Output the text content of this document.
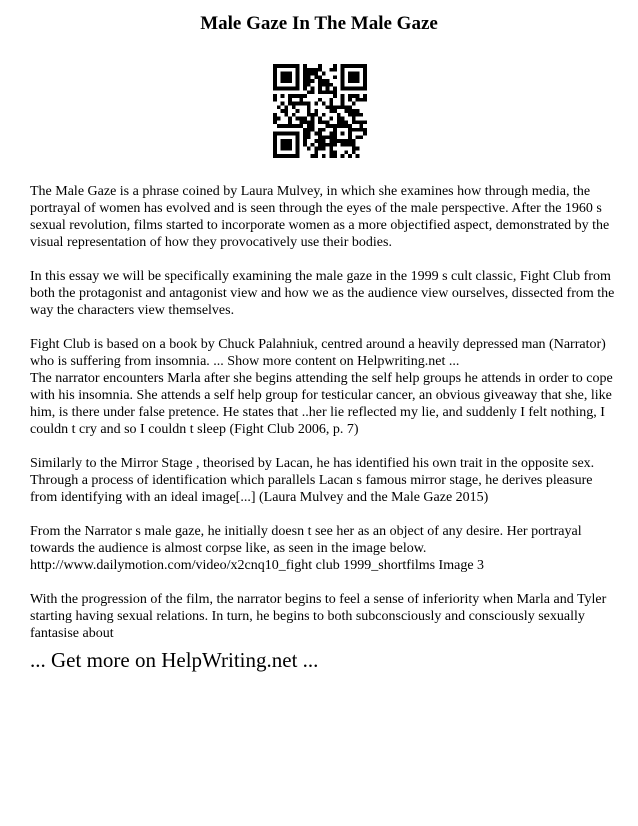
Male Gaze In The Male Gaze

The Male Gaze is a phrase coined by Laura Mulvey, in which she examines how through media, the portrayal of women has evolved and is seen through the eyes of the male perspective. After the 1960 s sexual revolution, films started to incorporate women as a more objectified aspect, demonstrated by the visual representation of how they provocatively use their bodies.

In this essay we will be specifically examining the male gaze in the 1999 s cult classic, Fight Club from both the protagonist and antagonist view and how we as the audience view ourselves, dissected from the way the characters view themselves.

Fight Club is based on a book by Chuck Palahniuk, centred around a heavily depressed man (Narrator) who is suffering from insomnia. ... Show more content on Helpwriting.net ...

The narrator encounters Marla after she begins attending the self help groups he attends in order to cope with his insomnia. She attends a self help group for testicular cancer, an obvious giveaway that she, like him, is there under false pretence. He states that ..her lie reflected my lie, and suddenly I felt nothing, I couldn t cry and so I couldn t sleep (Fight Club 2006, p. 7)

Similarly to the Mirror Stage , theorised by Lacan, he has identified his own trait in the opposite sex. Through a process of identification which parallels Lacan s famous mirror stage, he derives pleasure from identifying with an ideal image[...] (Laura Mulvey and the Male Gaze 2015)

From the Narrator s male gaze, he initially doesn t see her as an object of any desire. Her portrayal towards the audience is almost corpse like, as seen in the image below.

http://www.dailymotion.com/video/x2cnq10_fight club 1999_shortfilms Image 3

With the progression of the film, the narrator begins to feel a sense of inferiority when Marla and Tyler starting having sexual relations. In turn, he begins to both subconsciously and consciously sexually fantasise about

... Get more on HelpWriting.net ...
